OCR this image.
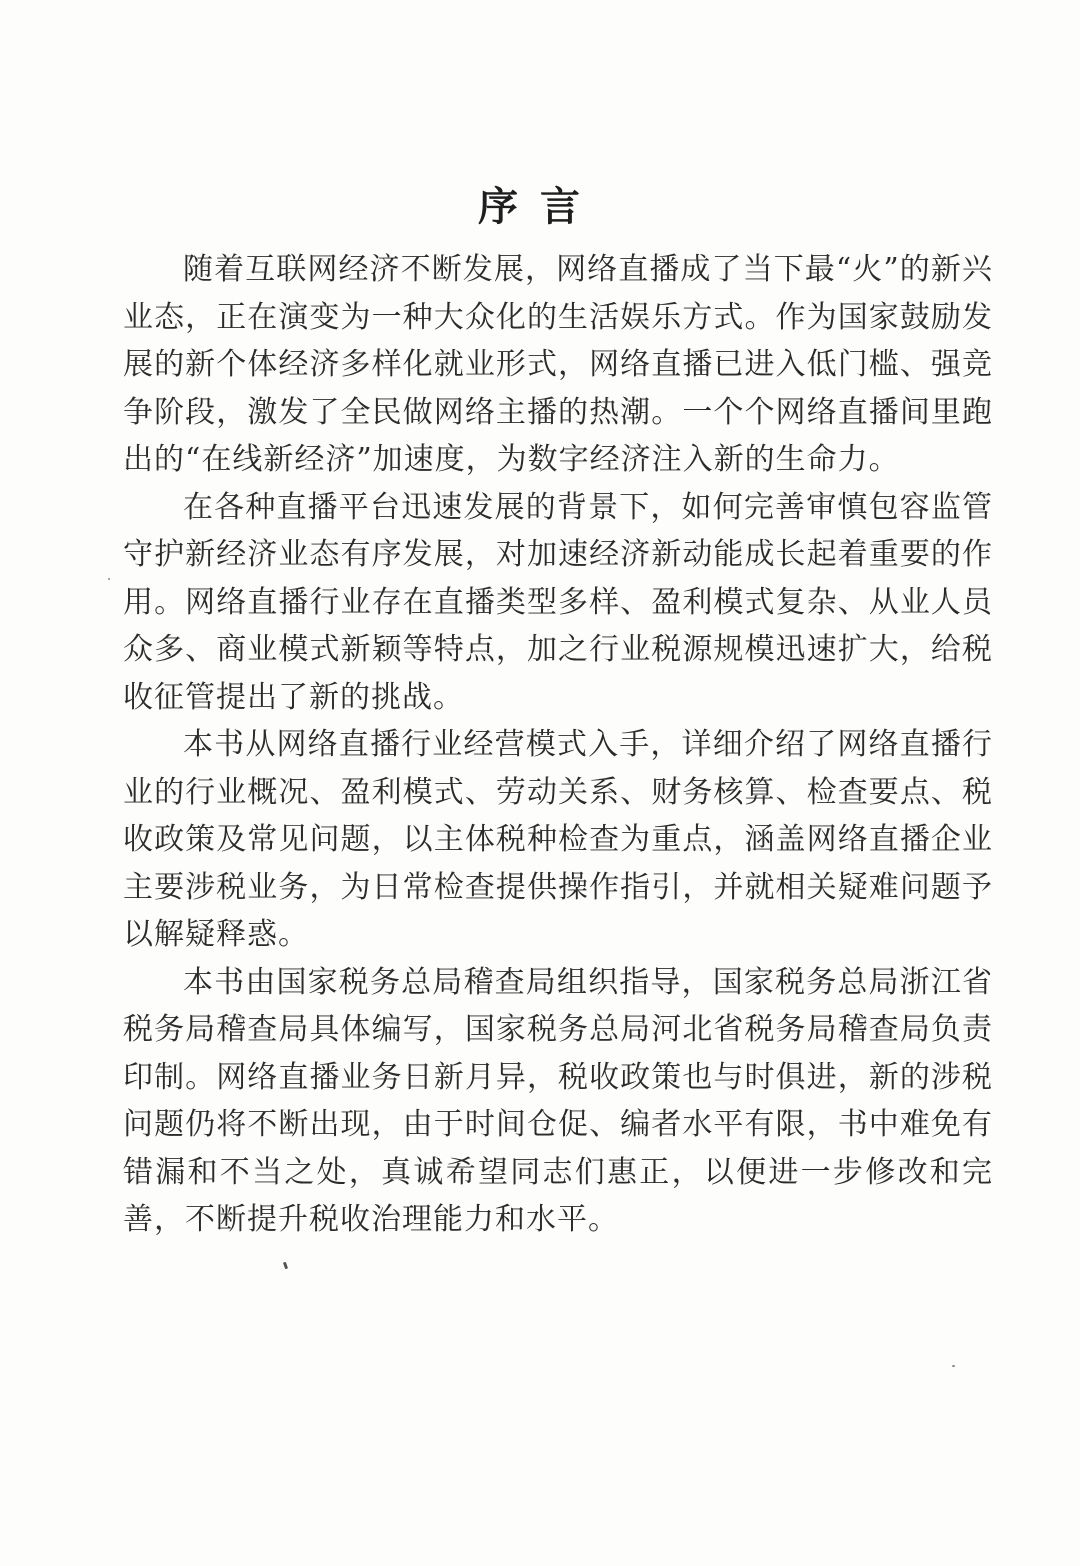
序言

随着互联网经济不断发展，网络直播成了当下最“火”的新兴业态，正在演变为一种大众化的生活娱乐方式。作为国家鼓励发展的新个体经济多样化就业形式，网络直播已进入低门槛、强竞争阶段，激发了全民做网络主播的热潮。一个个网络直播间里跑出的“在线新经济”加速度，为数字经济注入新的生命力。

在各种直播平台迅速发展的背景下，如何完善审慎包容监管守护新经济业态有序发展，对加速经济新动能成长起着重要的作用。网络直播行业存在直播类型多样、盈利模式复杂、从业人员众多、商业模式新颖等特点，加之行业税源规模迅速扩大，给税收征管提出了新的挑战。

本书从网络直播行业经营模式入手，详细介绍了网络直播行业的行业概况、盈利模式、劳动关系、财务核算、检查要点、税收政策及常见问题，以主体税种检查为重点，涵盖网络直播企业主要涉税业务，为日常检查提供操作指引，并就相关疑难问题予以解疑释惑。

本书由国家税务总局稽查局组织指导，国家税务总局浙江省税务局稽查局具体编写，国家税务总局河北省税务局稽查局负责印制。网络直播业务日新月异，税收政策也与时俱进，新的涉税问题仍将不断出现，由于时间仓促、编者水平有限，书中难免有错漏和不当之处，真诚希望同志们惠正，以便进一步修改和完善，不断提升税收治理能力和水平。
